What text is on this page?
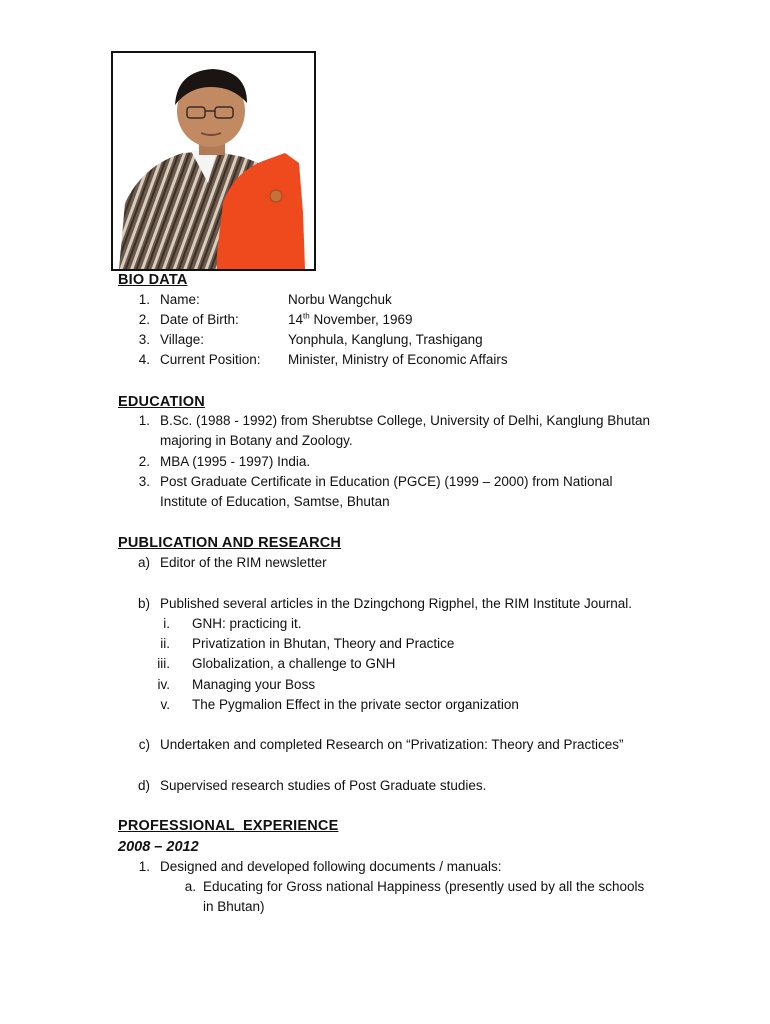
BIO DATA
1. Name:	Norbu Wangchuk
2. Date of Birth:	14th November, 1969
3. Village:	Yonphula, Kanglung, Trashigang
4. Current Position: Minister, Ministry of Economic Affairs
EDUCATION
1. B.Sc. (1988 - 1992) from Sherubtse College, University of Delhi, Kanglung Bhutan
majoring in Botany and Zoology.
2. MBA (1995 - 1997) India.
3. Post Graduate Certificate in Education (PGCE) (1999 – 2000) from National
Institute of Education, Samtse, Bhutan
PUBLICATION AND RESEARCH
a) Editor of the RIM newsletter
b) Published several articles in the Dzingchong Rigphel, the RIM Institute Journal.
i. GNH: practicing it.
ii. Privatization in Bhutan, Theory and Practice
iii. Globalization, a challenge to GNH
iv. Managing your Boss
v. The Pygmalion Effect in the private sector organization
c) Undertaken and completed Research on “Privatization: Theory and Practices”
d) Supervised research studies of Post Graduate studies.
PROFESSIONAL  EXPERIENCE
2008 – 2012
1. Designed and developed following documents / manuals:
a. Educating for Gross national Happiness (presently used by all the schools
in Bhutan)
